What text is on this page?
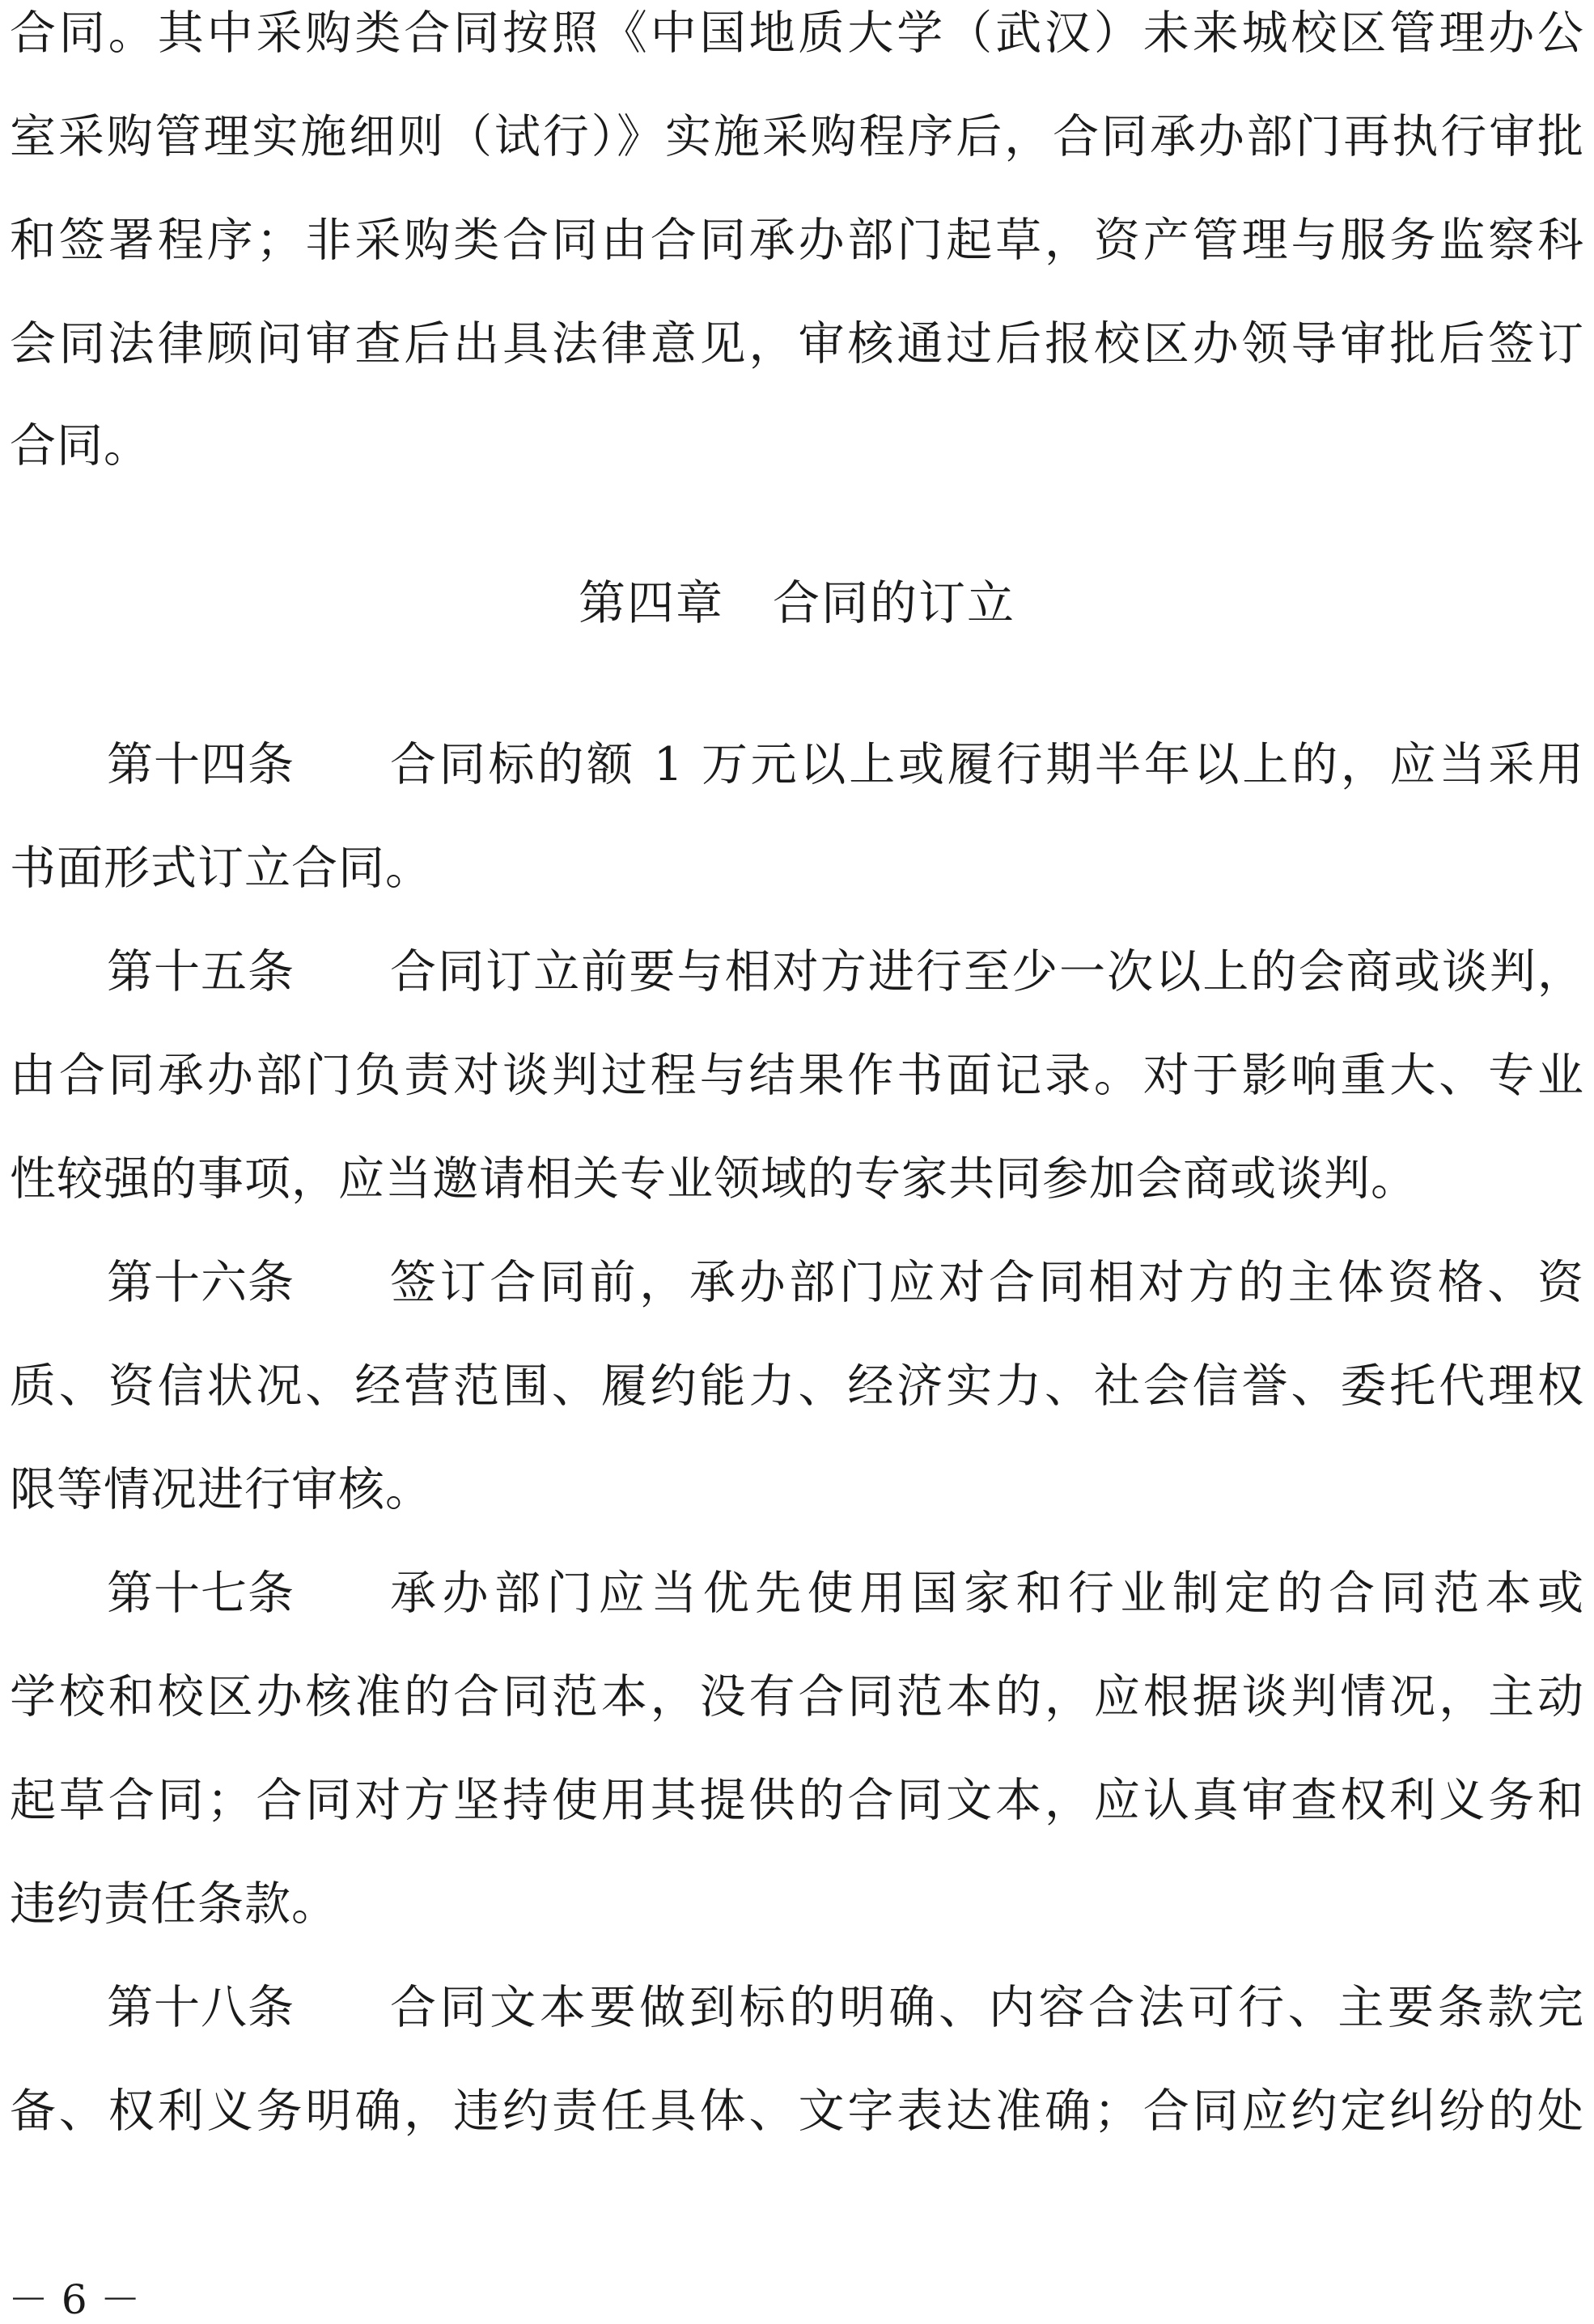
合同。其中采购类合同按照《中国地质大学（武汉）未来城校区管理办公
室采购管理实施细则（试行）》实施采购程序后，合同承办部门再执行审批
和签署程序；非采购类合同由合同承办部门起草，资产管理与服务监察科
会同法律顾问审查后出具法律意见，审核通过后报校区办领导审批后签订
合同。
第四章　合同的订立
第十四条 合同标的额 1 万元以上或履行期半年以上的，应当采用
书面形式订立合同。
第十五条 合同订立前要与相对方进行至少一次以上的会商或谈判，
由合同承办部门负责对谈判过程与结果作书面记录。对于影响重大、专业
性较强的事项，应当邀请相关专业领域的专家共同参加会商或谈判。
第十六条 签订合同前，承办部门应对合同相对方的主体资格、资
质、资信状况、经营范围、履约能力、经济实力、社会信誉、委托代理权
限等情况进行审核。
第十七条 承办部门应当优先使用国家和行业制定的合同范本或
学校和校区办核准的合同范本，没有合同范本的，应根据谈判情况，主动
起草合同；合同对方坚持使用其提供的合同文本，应认真审查权利义务和
违约责任条款。
第十八条 合同文本要做到标的明确、内容合法可行、主要条款完
备、权利义务明确，违约责任具体、文字表达准确；合同应约定纠纷的处
－ 6 －
